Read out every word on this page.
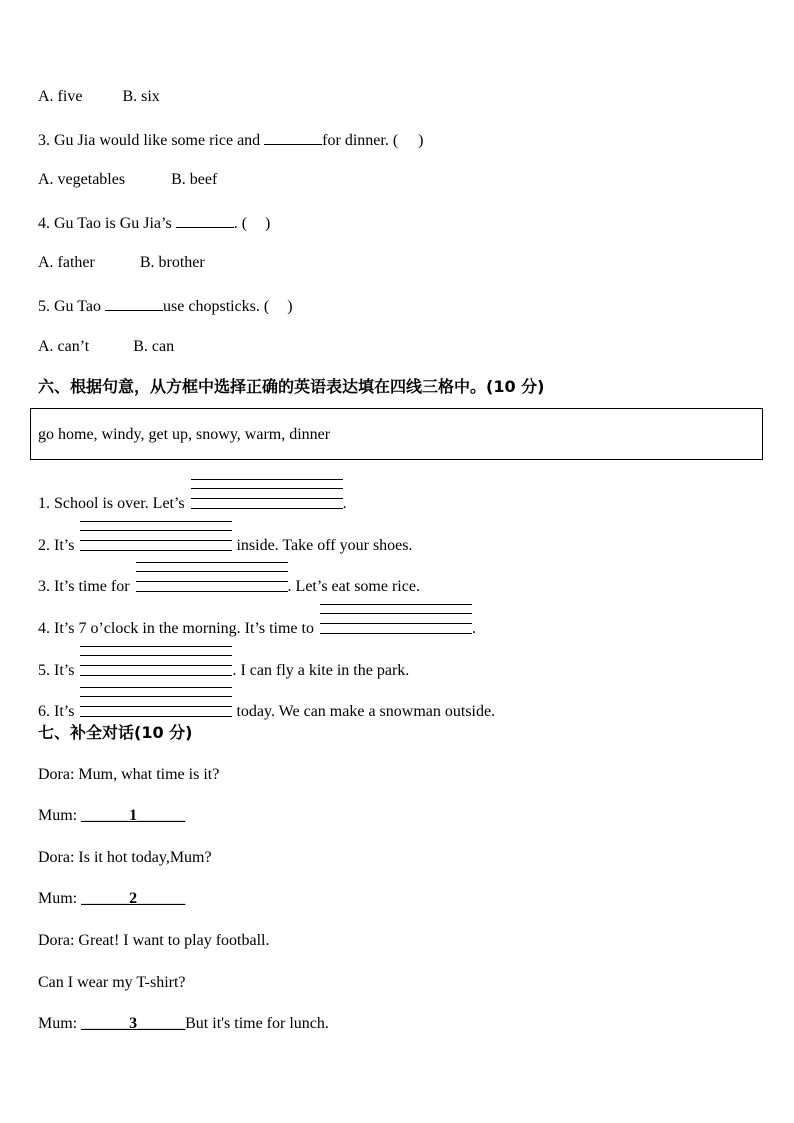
A. five	B. six
3. Gu Jia would like some rice and	for dinner. ( )
A. vegetables	B. beef
4. Gu Tao is Gu Jia’s	. ( )
A. father	B. brother
5. Gu Tao	use chopsticks. ( )
A. can’t	B. can
六、根据句意，从方框中选择正确的英语表达填在四线三格中。(10 分)
go home, windy, get up, snowy, warm, dinner
1. School is over. Let’s	.
2. It’s	inside. Take off your shoes.
3. It’s time for	. Let’s eat some rice.
4. It’s 7 o’clock in the morning. It’s time to	.
5. It’s	. I can fly a kite in the park.
6. It’s	today. We can make a snowman outside.
七、补全对话(10 分)
Dora: Mum, what time is it?
Mum: ______1______
Dora: Is it hot today,Mum?
Mum: ______2______
Dora: Great! I want to play football.
Can I wear my T-shirt?
Mum: ______3______But it's time for lunch.
